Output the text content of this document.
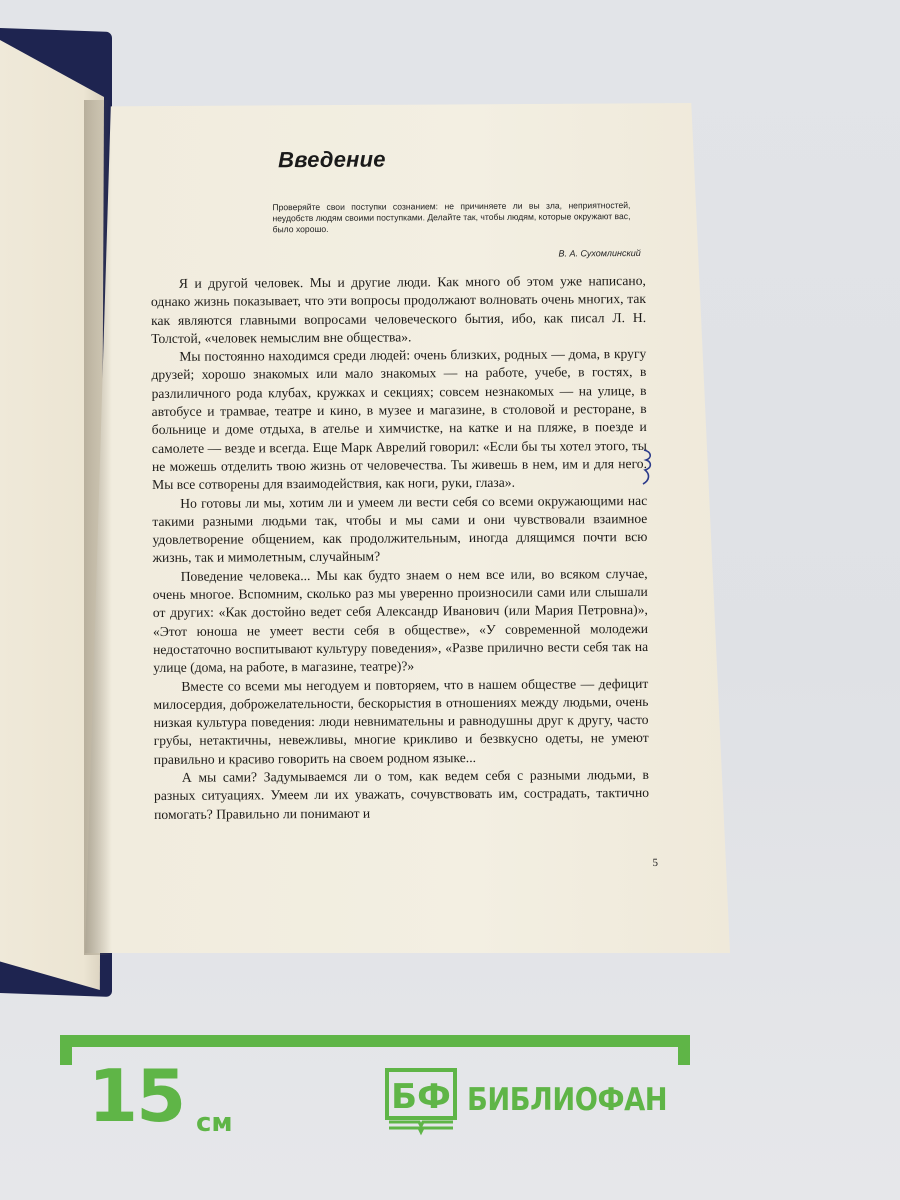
Введение
Проверяйте свои поступки сознанием: не причиняете ли вы зла, неприятностей, неудобств людям своими поступками. Делайте так, чтобы людям, которые окружают вас, было хорошо.
В. А. Сухомлинский

Я и другой человек. Мы и другие люди. Как много об этом уже написано, однако жизнь показывает, что эти вопросы продолжают волновать очень многих, так как являются главными вопросами человеческого бытия, ибо, как писал Л. Н. Толстой, «человек немыслим вне общества».

Мы постоянно находимся среди людей: очень близких, родных — дома, в кругу друзей; хорошо знакомых или мало знакомых — на работе, учебе, в гостях, в разлиличного рода клубах, кружках и секциях; совсем незнакомых — на улице, в автобусе и трамвае, театре и кино, в музее и магазине, в столовой и ресторане, в больнице и доме отдыха, в ателье и химчистке, на катке и на пляже, в поезде и самолете — везде и всегда. Еще Марк Аврелий говорил: «Если бы ты хотел этого, ты не можешь отделить твою жизнь от человечества. Ты живешь в нем, им и для него. Мы все сотворены для взаимодействия, как ноги, руки, глаза».

Но готовы ли мы, хотим ли и умеем ли вести себя со всеми окружающими нас такими разными людьми так, чтобы и мы сами и они чувствовали взаимное удовлетворение общением, как продолжительным, иногда длящимся почти всю жизнь, так и мимолетным, случайным?

Поведение человека... Мы как будто знаем о нем все или, во всяком случае, очень многое. Вспомним, сколько раз мы уверенно произносили сами или слышали от других: «Как достойно ведет себя Александр Иванович (или Мария Петровна)», «Этот юноша не умеет вести себя в обществе», «У современной молодежи недостаточно воспитывают культуру поведения», «Разве прилично вести себя так на улице (дома, на работе, в магазине, театре)?»

Вместе со всеми мы негодуем и повторяем, что в нашем обществе — дефицит милосердия, доброжелательности, бескорыстия в отношениях между людьми, очень низкая культура поведения: люди невнимательны и равнодушны друг к другу, часто грубы, нетактичны, невежливы, многие крикливо и безвкусно одеты, не умеют правильно и красиво говорить на своем родном языке...

А мы сами? Задумываемся ли о том, как ведем себя с разными людьми, в разных ситуациях. Умеем ли их уважать, сочувствовать им, сострадать, тактично помогать? Правильно ли понимают и

5
15 см
БФ БИБЛИОФАН
